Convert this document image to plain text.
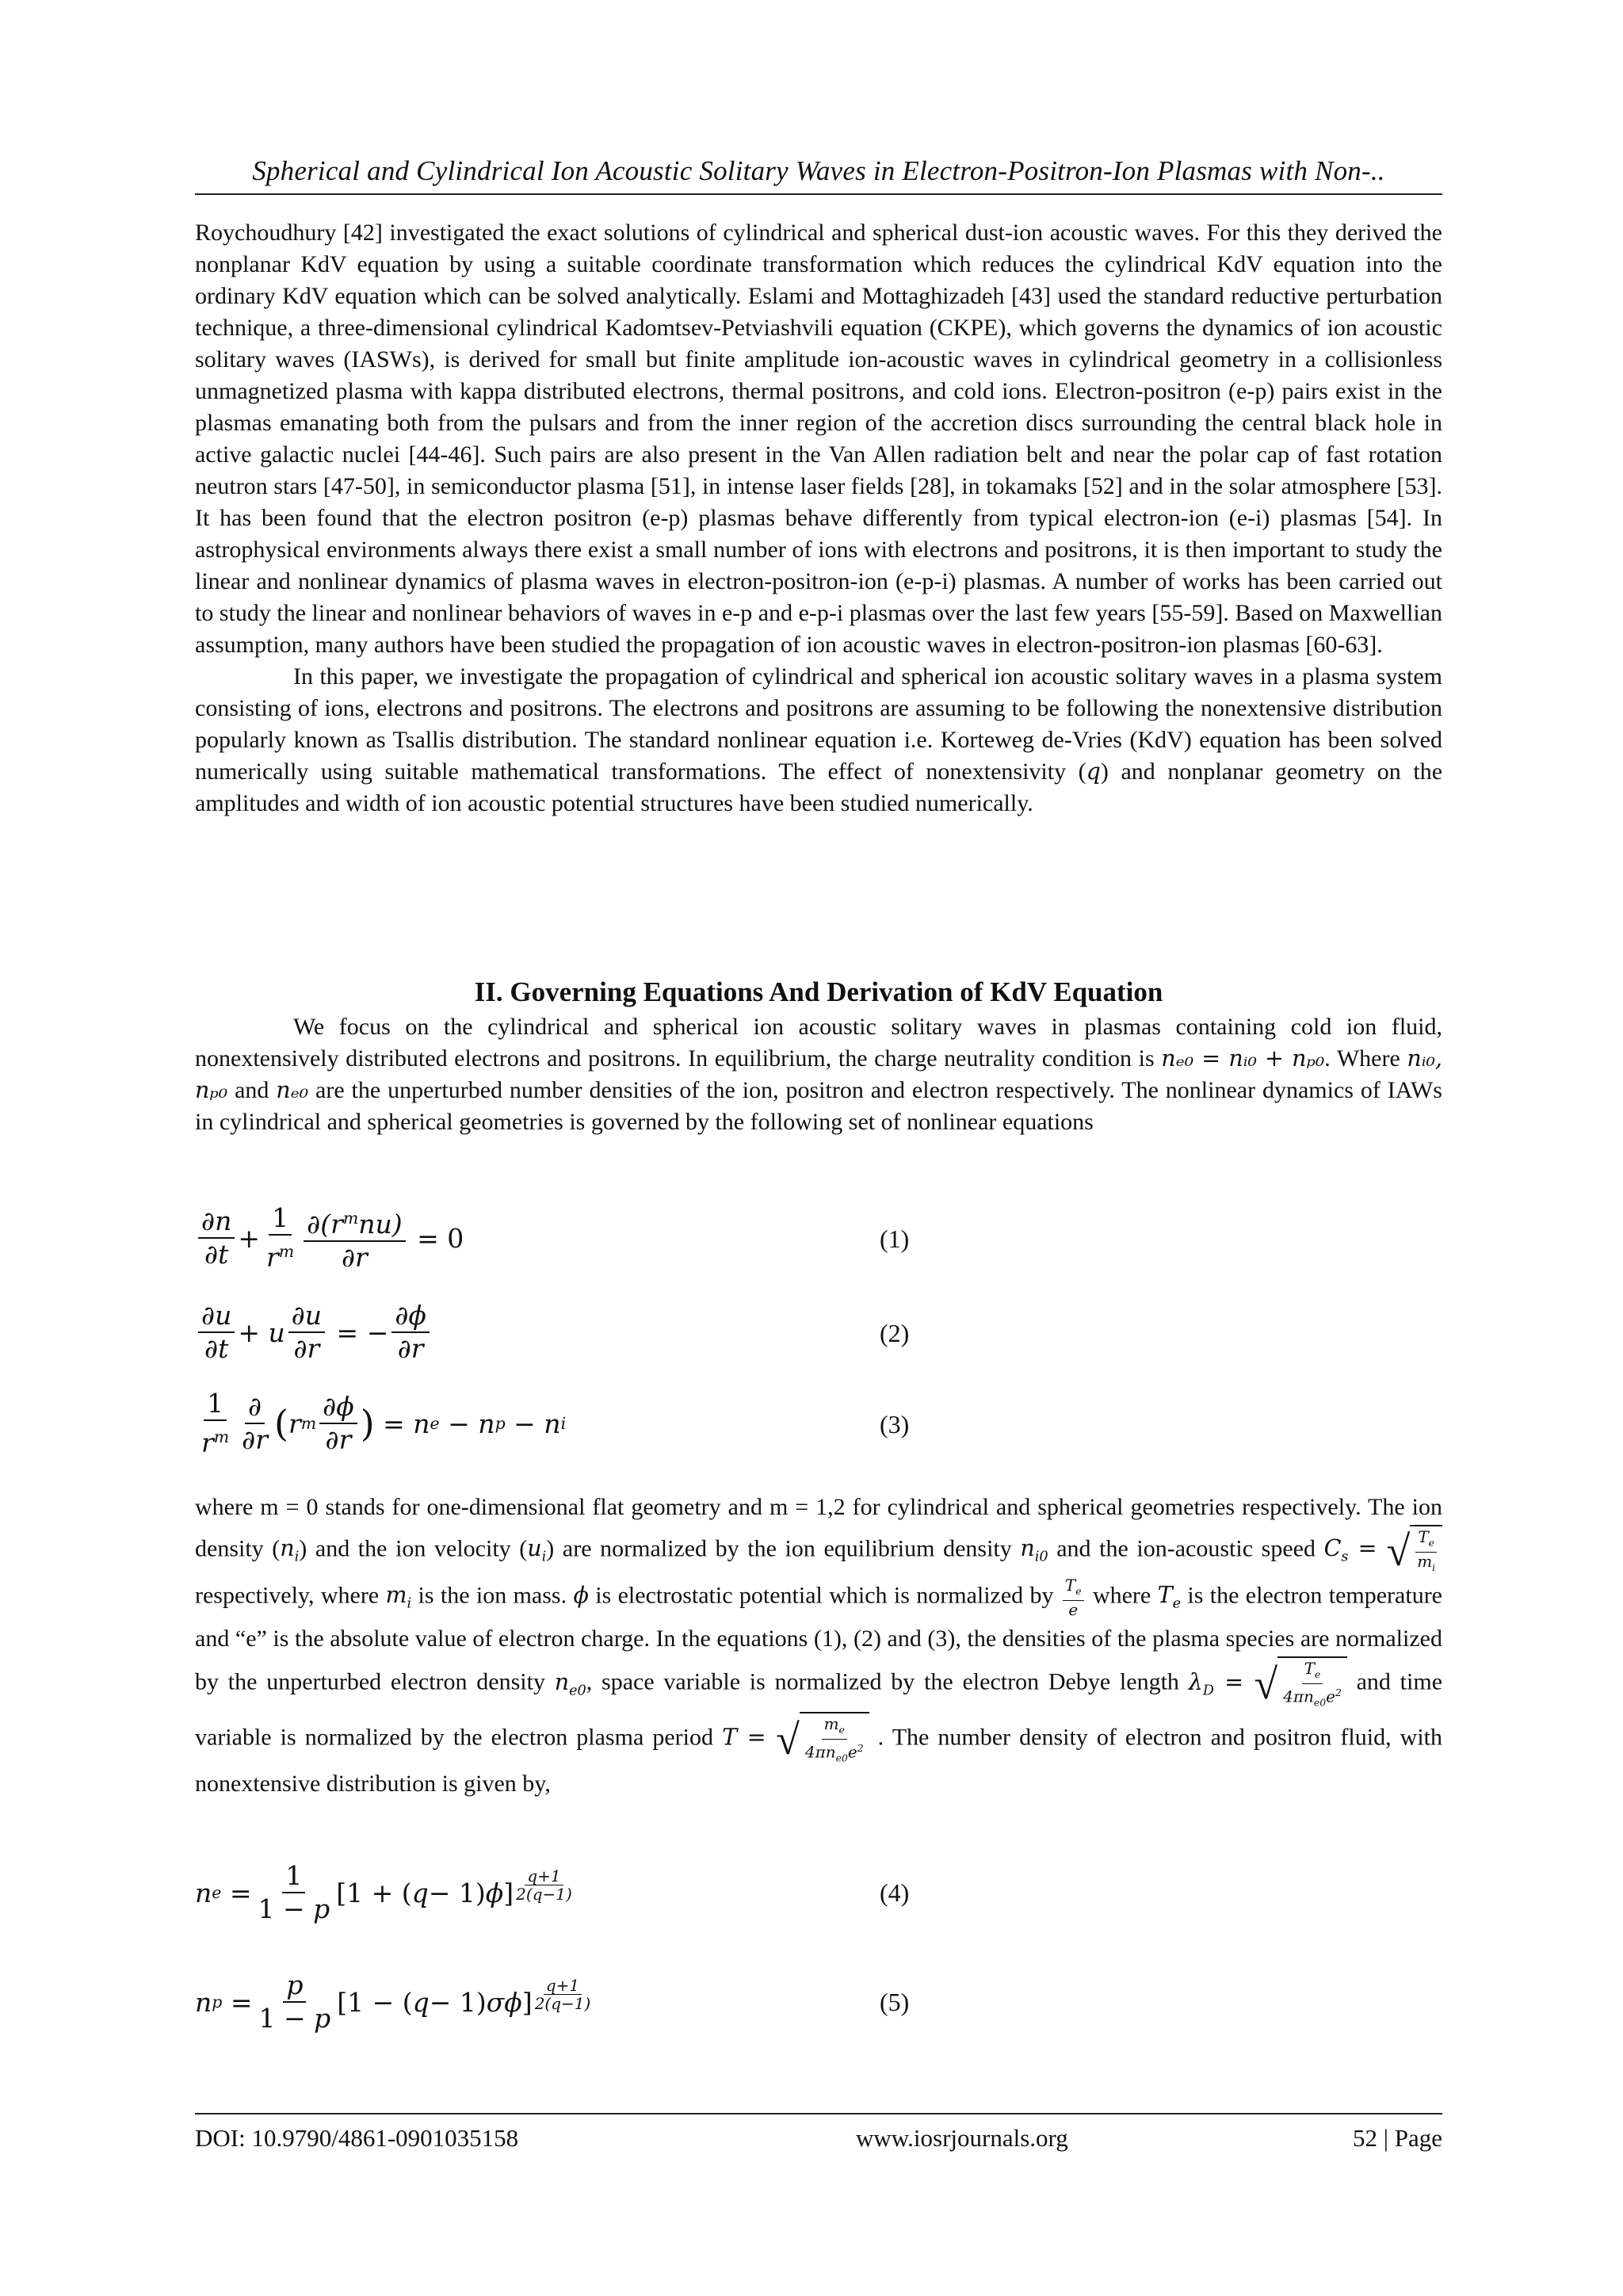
Spherical and Cylindrical Ion Acoustic Solitary Waves in Electron-Positron-Ion Plasmas with Non-..

Roychoudhury [42] investigated the exact solutions of cylindrical and spherical dust-ion acoustic waves. For this they derived the nonplanar KdV equation by using a suitable coordinate transformation which reduces the cylindrical KdV equation into the ordinary KdV equation which can be solved analytically. Eslami and Mottaghizadeh [43] used the standard reductive perturbation technique, a three-dimensional cylindrical Kadomtsev-Petviashvili equation (CKPE), which governs the dynamics of ion acoustic solitary waves (IASWs), is derived for small but finite amplitude ion-acoustic waves in cylindrical geometry in a collisionless unmagnetized plasma with kappa distributed electrons, thermal positrons, and cold ions. Electron-positron (e-p) pairs exist in the plasmas emanating both from the pulsars and from the inner region of the accretion discs surrounding the central black hole in active galactic nuclei [44-46]. Such pairs are also present in the Van Allen radiation belt and near the polar cap of fast rotation neutron stars [47-50], in semiconductor plasma [51], in intense laser fields [28], in tokamaks [52] and in the solar atmosphere [53]. It has been found that the electron positron (e-p) plasmas behave differently from typical electron-ion (e-i) plasmas [54]. In astrophysical environments always there exist a small number of ions with electrons and positrons, it is then important to study the linear and nonlinear dynamics of plasma waves in electron-positron-ion (e-p-i) plasmas. A number of works has been carried out to study the linear and nonlinear behaviors of waves in e-p and e-p-i plasmas over the last few years [55-59]. Based on Maxwellian assumption, many authors have been studied the propagation of ion acoustic waves in electron-positron-ion plasmas [60-63].

In this paper, we investigate the propagation of cylindrical and spherical ion acoustic solitary waves in a plasma system consisting of ions, electrons and positrons. The electrons and positrons are assuming to be following the nonextensive distribution popularly known as Tsallis distribution. The standard nonlinear equation i.e. Korteweg de-Vries (KdV) equation has been solved numerically using suitable mathematical transformations. The effect of nonextensivity (q) and nonplanar geometry on the amplitudes and width of ion acoustic potential structures have been studied numerically.

II. Governing Equations And Derivation of KdV Equation

We focus on the cylindrical and spherical ion acoustic solitary waves in plasmas containing cold ion fluid, nonextensively distributed electrons and positrons. In equilibrium, the charge neutrality condition is nₑ₀ = nᵢ₀ + nₚ₀. Where nᵢ₀, nₚ₀ and nₑ₀ are the unperturbed number densities of the ion, positron and electron respectively. The nonlinear dynamics of IAWs in cylindrical and spherical geometries is governed by the following set of nonlinear equations

$\frac{\partial n}{\partial t} + \frac{1}{r^m} \frac{\partial(r^mnu)}{\partial r} = 0$	(1)
$\frac{\partial u}{\partial t} + u \frac{\partial u}{\partial r}$ = − $\frac{\partial\phi}{\partial r}$	(2)
$\frac{1}{r^m} \frac{\partial}{\partial r}$ ( r m $\frac{\partial\phi}{\partial r}$ ) = n e
− n p
− n i	(3)

where m = 0 stands for one-dimensional flat geometry and m = 1,2 for cylindrical and spherical geometries respectively. The ion density $(n_i)$ and the ion velocity $(u_i)$ are normalized by the ion equilibrium density $n_{i0}$ and the ion-acoustic speed $C_s$ = √ $\frac{T_e}{m_i}$
respectively, where $m_i$ is the ion mass. ϕ is electrostatic potential which is normalized by $\frac{T_e}{e}$ where $T_e$ is the electron temperature and “e” is the absolute value of electron charge. In the equations (1), (2) and (3), the densities of the plasma species are normalized by the unperturbed electron density $n_{e0}$, space variable is normalized by the electron Debye length $\lambda_D$ = √ $\frac{T_e}{4\pi n_{e0}e^2}$ and time variable is normalized by the electron plasma period T = √ $\frac{m_e}{4\pi n_{e0}e^2}$ . The number density of electron and positron fluid, with nonextensive distribution is given by,

n $e = \frac{1}{1 - p} [1$ + ( q − 1) ϕ ] $^{\frac{q+1}{2(q-1)}}$	(4)
n $p = \frac{p}{1 - p} [1$ − ( q − 1) σϕ ] $^{\frac{q+1}{2(q-1)}}$	(5)
DOI: 10.9790/4861-0901035158	www.iosrjournals.org	52 | Page
